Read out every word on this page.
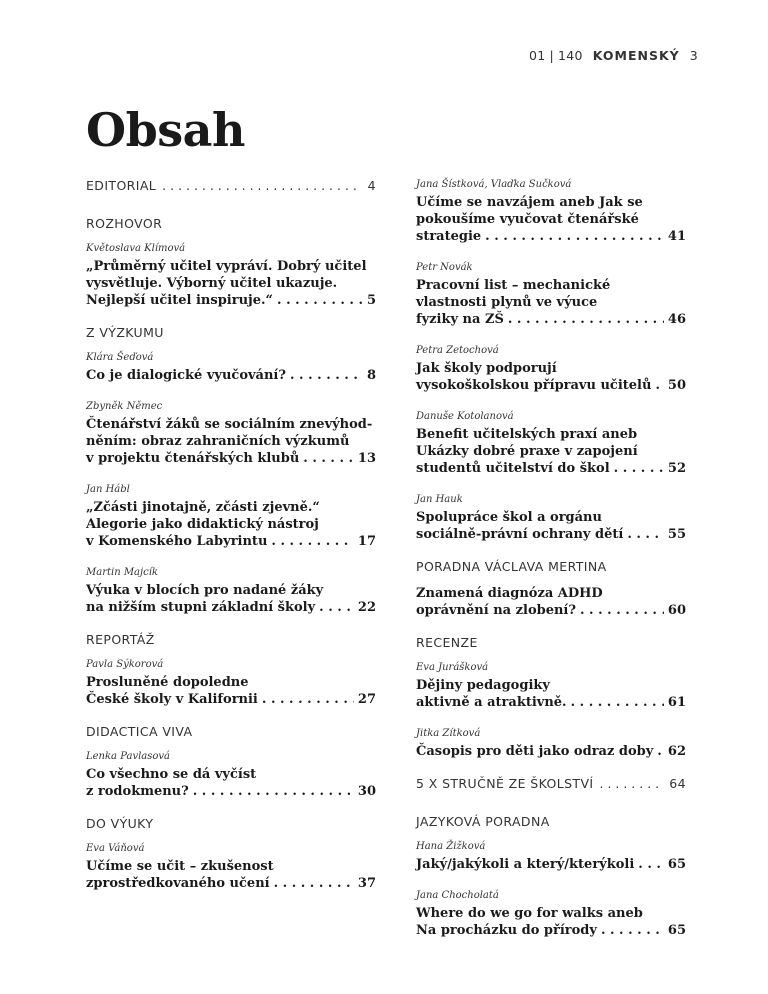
01 | 140 KOMENSKÝ 3
Obsah
EDITORIAL . . .	4
ROZHOVOR
Květoslava Klímová
„Průměrný učitel vypráví. Dobrý učitel
vysvětluje. Výborný učitel ukazuje.
Nejlepší učitel inspiruje.“ . . .	5
Z VÝZKUMU
Klára Šeďová
Co je dialogické vyučování? . . .	8
Zbyněk Němec
Čtenářství žáků se sociálním znevýhod-
něním: obraz zahraničních výzkumů
v projektu čtenářských klubů . . .	13
Jan Hábl
„Zčásti jinotajně, zčásti zjevně.“
Alegorie jako didaktický nástroj
v Komenského Labyrintu . . .	17
Martin Majcík
Výuka v blocích pro nadané žáky
na nižším stupni základní školy . . .	22
REPORTÁŽ
Pavla Sýkorová
Prosluněné dopoledne
České školy v Kalifornii . . .	27
DIDACTICA VIVA
Lenka Pavlasová
Co všechno se dá vyčíst
z rodokmenu? . . .	30
DO VÝUKY
Eva Váňová
Učíme se učit – zkušenost
zprostředkovaného učení . . .	37
Jana Šístková, Vlaďka Sučková
Učíme se navzájem aneb Jak se
pokoušíme vyučovat čtenářské
strategie . . .	41
Petr Novák
Pracovní list – mechanické
vlastnosti plynů ve výuce
fyziky na ZŠ . . .	46
Petra Zetochová
Jak školy podporují
vysokoškolskou přípravu učitelů . . . 50
Danuše Kotolanová
Benefit učitelských praxí aneb
Ukázky dobré praxe v zapojení
studentů učitelství do škol . . .	52
Jan Hauk
Spolupráce škol a orgánu
sociálně-právní ochrany dětí . . .	55
PORADNA VÁCLAVA MERTINA
Znamená diagnóza ADHD
oprávnění na zlobení? . . .	60
RECENZE
Eva Jurášková
Dějiny pedagogiky
aktivně a atraktivně. . . .	61
Jitka Zítková
Časopis pro děti jako odraz doby . . . 62
5 X STRUČNĚ ZE ŠKOLSTVÍ . . .	64
JAZYKOVÁ PORADNA
Hana Žižková
Jaký/jakýkoli a který/kterýkoli . . .	65
Jana Chocholatá
Where do we go for walks aneb
Na procházku do přírody . . .	65
